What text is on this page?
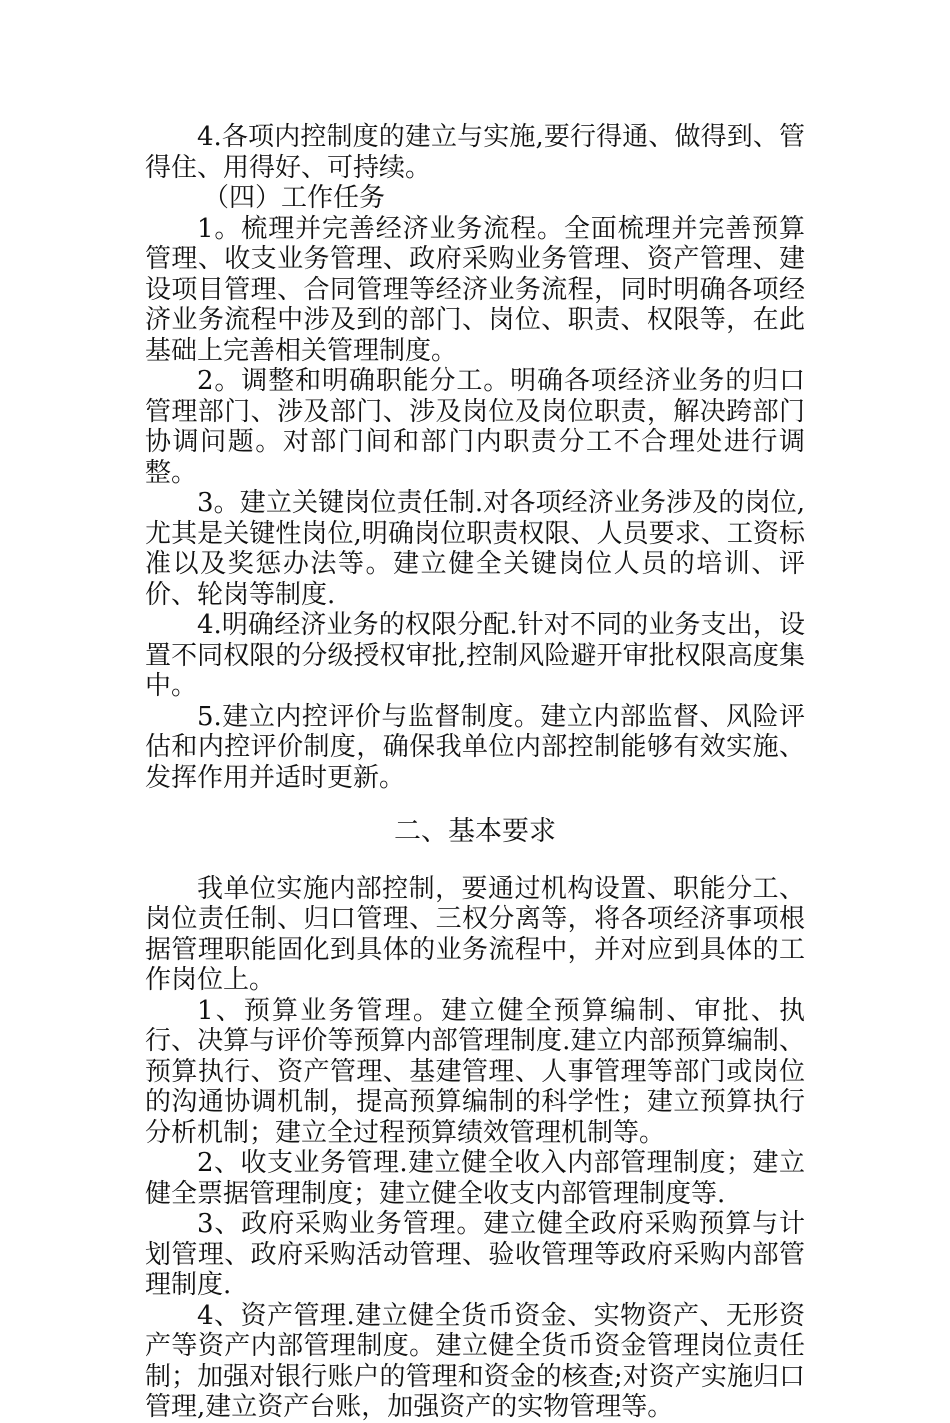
4.各项内控制度的建立与实施,要行得通、做得到、管得住、用得好、可持续。

（四）工作任务

1。梳理并完善经济业务流程。全面梳理并完善预算管理、收支业务管理、政府采购业务管理、资产管理、建设项目管理、合同管理等经济业务流程，同时明确各项经济业务流程中涉及到的部门、岗位、职责、权限等，在此基础上完善相关管理制度。

2。调整和明确职能分工。明确各项经济业务的归口管理部门、涉及部门、涉及岗位及岗位职责，解决跨部门协调问题。对部门间和部门内职责分工不合理处进行调整。

3。建立关键岗位责任制.对各项经济业务涉及的岗位,尤其是关键性岗位,明确岗位职责权限、人员要求、工资标准以及奖惩办法等。建立健全关键岗位人员的培训、评价、轮岗等制度.

4.明确经济业务的权限分配.针对不同的业务支出，设置不同权限的分级授权审批,控制风险避开审批权限高度集中。

5.建立内控评价与监督制度。建立内部监督、风险评估和内控评价制度，确保我单位内部控制能够有效实施、发挥作用并适时更新。

二、基本要求

我单位实施内部控制，要通过机构设置、职能分工、岗位责任制、归口管理、三权分离等，将各项经济事项根据管理职能固化到具体的业务流程中，并对应到具体的工作岗位上。

1、预算业务管理。建立健全预算编制、审批、执行、决算与评价等预算内部管理制度.建立内部预算编制、预算执行、资产管理、基建管理、人事管理等部门或岗位的沟通协调机制，提高预算编制的科学性；建立预算执行分析机制；建立全过程预算绩效管理机制等。

2、收支业务管理.建立健全收入内部管理制度；建立健全票据管理制度；建立健全收支内部管理制度等.

3、政府采购业务管理。建立健全政府采购预算与计划管理、政府采购活动管理、验收管理等政府采购内部管理制度.

4、资产管理.建立健全货币资金、实物资产、无形资产等资产内部管理制度。建立健全货币资金管理岗位责任制；加强对银行账户的管理和资金的核查;对资产实施归口管理,建立资产台账，加强资产的实物管理等。
